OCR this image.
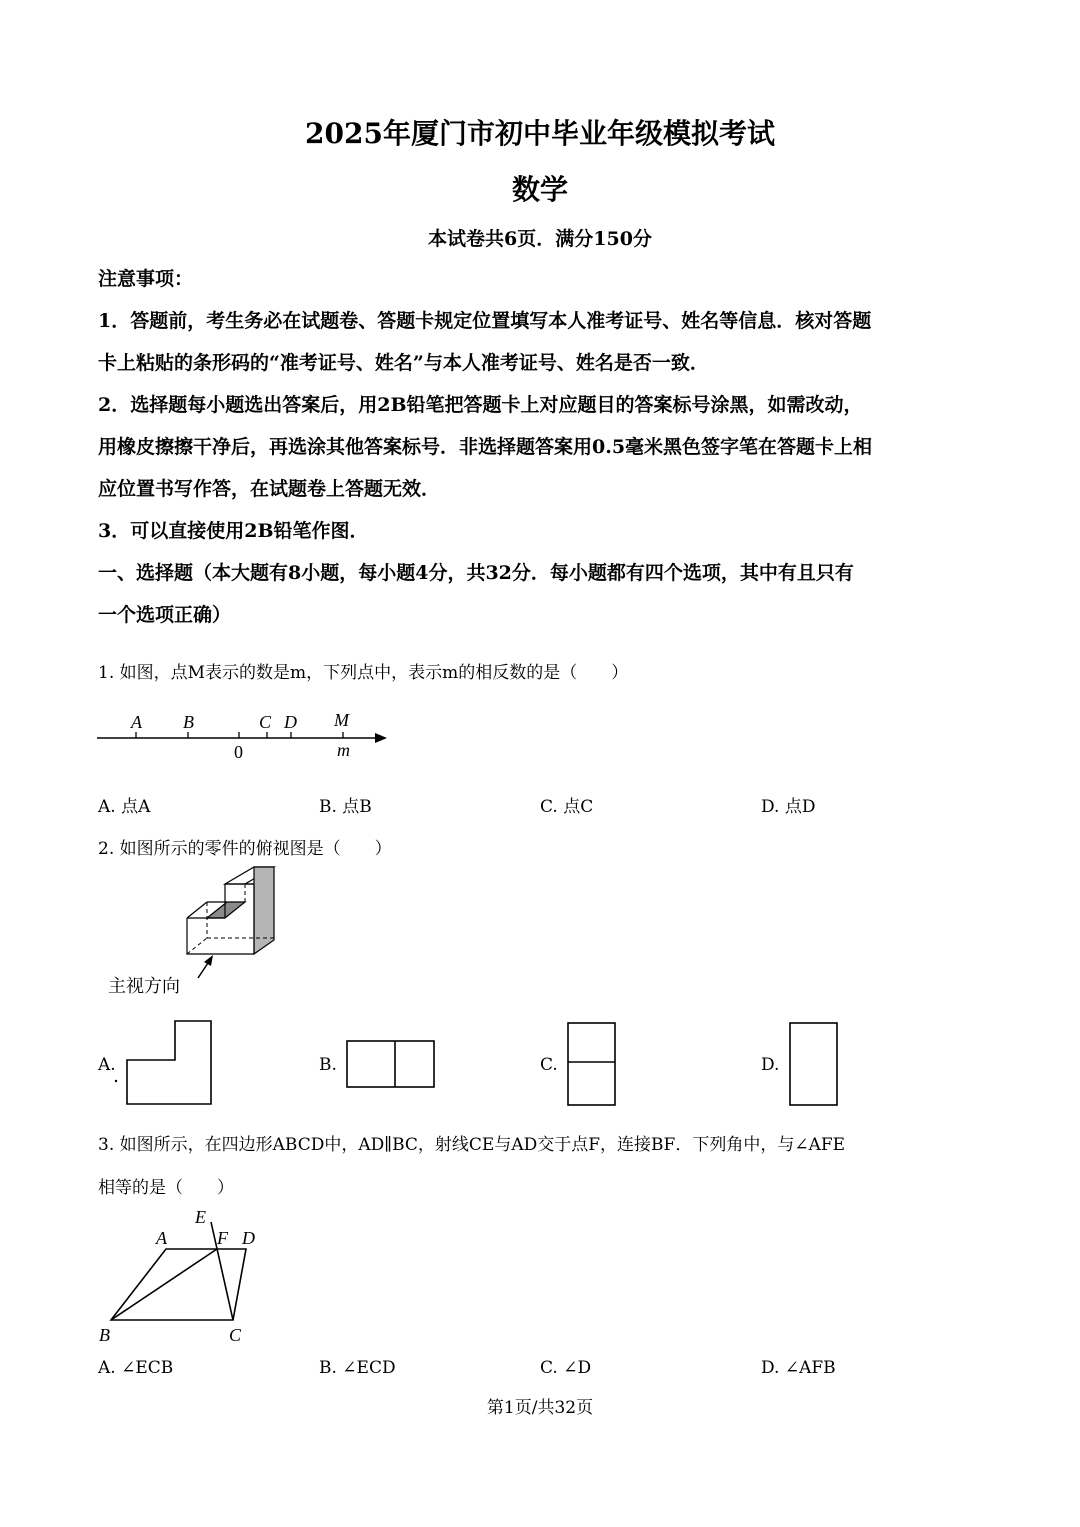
2025年厦门市初中毕业年级模拟考试
数学
本试卷共6页．满分150分
注意事项：
1．答题前，考生务必在试题卷、答题卡规定位置填写本人准考证号、姓名等信息．核对答题
卡上粘贴的条形码的“准考证号、姓名”与本人准考证号、姓名是否一致．
2．选择题每小题选出答案后，用2B铅笔把答题卡上对应题目的答案标号涂黑，如需改动，
用橡皮擦擦干净后，再选涂其他答案标号．非选择题答案用0.5毫米黑色签字笔在答题卡上相
应位置书写作答，在试题卷上答题无效．
3．可以直接使用2B铅笔作图．
一、选择题（本大题有8小题，每小题4分，共32分．每小题都有四个选项，其中有且只有
一个选项正确）
1. 如图，点M表示的数是m，下列点中，表示m的相反数的是（　　）
A B	C D M
0	m
A. 点A	B. 点B	C. 点C	D. 点D
2. 如图所示的零件的俯视图是（　　）
主视方向
A.	B.	C.	D.
3. 如图所示，在四边形ABCD中，AD∥BC，射线CE与AD交于点F，连接BF．下列角中，与∠AFE
相等的是（　　）
E
A	F D
B	C
A. ∠ECB	B. ∠ECD	C. ∠D	D. ∠AFB
第1页/共32页
